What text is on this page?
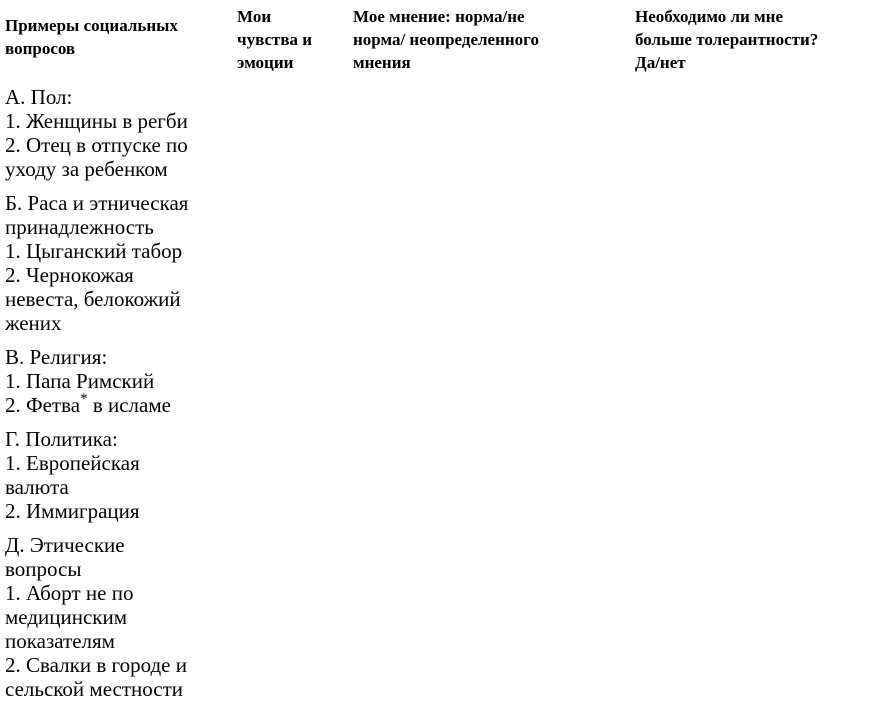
Примеры социальных

вопросов

Мои

чувства и

эмоции

Мое мнение: норма/не

норма/ неопределенного

мнения

Необходимо ли мне

больше толерантности?

Да/нет

А. Пол:
1. Женщины в регби
2. Отец в отпуске по
уходу за ребенком
Б. Раса и этническая
принадлежность
1. Цыганский табор
2. Чернокожая
невеста, белокожий
жених
В. Религия:
1. Папа Римский
2. Фетва* в исламе
Г. Политика:
1. Европейская
валюта
2. Иммиграция
Д. Этические
вопросы
1. Аборт не по
медицинским
показателям
2. Свалки в городе и
сельской местности
